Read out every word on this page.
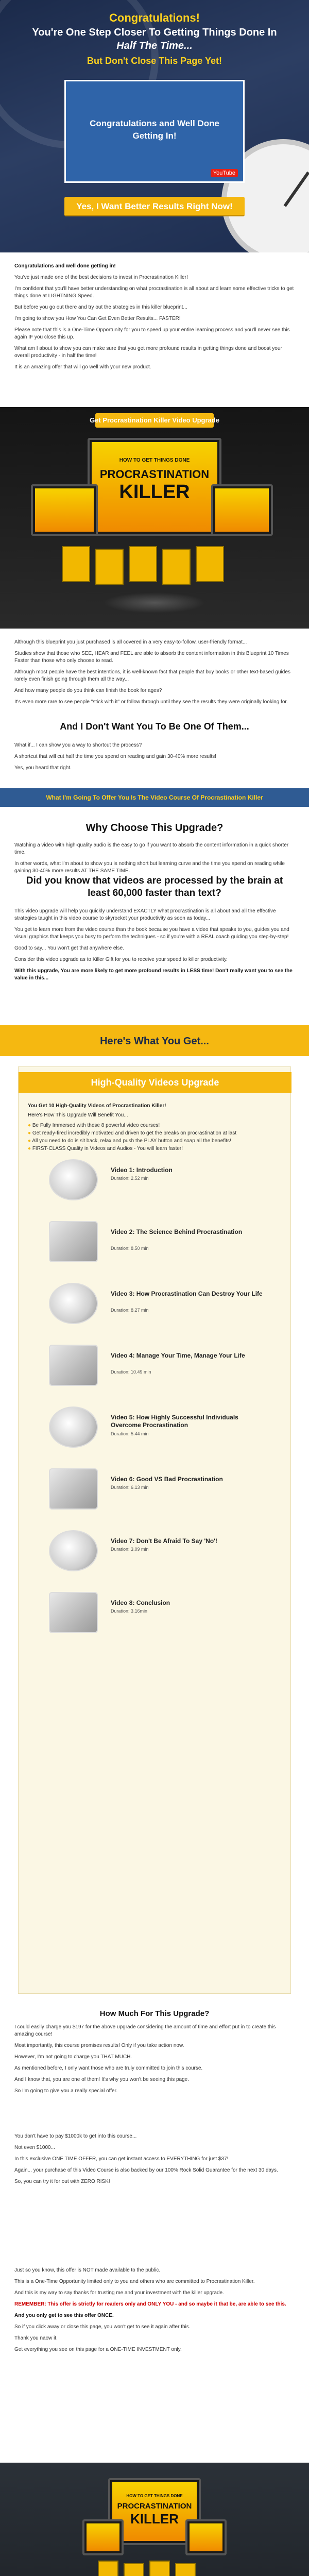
Congratulations!
You're One Step Closer To Getting Things Done In
Half The Time...
But Don't Close This Page Yet!
Congratulations and Well Done
Getting In!
YouTube
Yes, I Want Better Results Right Now!

Congratulations and well done getting in!

You've just made one of the best decisions to invest in Procrastination Killer!

I'm confident that you'll have better understanding on what procrastination is all about and learn some effective tricks to get things done at LIGHTNING Speed.

But before you go out there and try out the strategies in this killer blueprint...

I'm going to show you How You Can Get Even Better Results... FASTER!

Please note that this is a One-Time Opportunity for you to speed up your entire learning process and you'll never see this again IF you close this up.

What am I about to show you can make sure that you get more profound results in getting things done and boost your overall productivity - in half the time!

It is an amazing offer that will go well with your new product.

Get Procrastination Killer Video Upgrade
HOW TO GET THINGS DONE
PROCRASTINATION
KILLER

Although this blueprint you just purchased is all covered in a very easy-to-follow, user-friendly format...

Studies show that those who SEE, HEAR and FEEL are able to absorb the content information in this Blueprint 10 Times Faster than those who only choose to read.

Although most people have the best intentions, it is well-known fact that people that buy books or other text-based guides rarely even finish going through them all the way...

And how many people do you think can finish the book for ages?

It's even more rare to see people "stick with it" or follow through until they see the results they were originally looking for.

And I Don't Want You To Be One Of Them...

What if... I can show you a way to shortcut the process?

A shortcut that will cut half the time you spend on reading and gain 30-40% more results!

Yes, you heard that right.

What I'm Going To Offer You Is The Video Course Of Procrastination Killer
Why Choose This Upgrade?

Watching a video with high-quality audio is the easy to go if you want to absorb the content information in a quick shorter time.

In other words, what I'm about to show you is nothing short but learning curve and the time you spend on reading while gaining 30-40% more results AT THE SAME TIME.

Did you know that videos are processed by the brain at least 60,000 faster than text?

This video upgrade will help you quickly understand EXACTLY what procrastination is all about and all the effective strategies taught in this video course to skyrocket your productivity as soon as today...

You get to learn more from the video course than the book because you have a video that speaks to you, guides you and visual graphics that keeps you busy to perform the techniques - so if you're with a REAL coach guiding you step-by-step!

Good to say... You won't get that anywhere else.

Consider this video upgrade as to Killer Gift for you to receive your speed to killer productivity.

With this upgrade, You are more likely to get more profound results in LESS time! Don't really want you to see the value in this...

Here's What You Get...
High-Quality Videos Upgrade
You Get 10 High-Quality Videos of Procrastination Killer!
Here's How This Upgrade Will Benefit You...
● Be Fully Immersed with these 8 powerful video courses!
● Get ready-fired incredibly motivated and driven to get the breaks on procrastination at last
● All you need to do is sit back, relax and push the PLAY button and soap all the benefits!
● FIRST-CLASS Quality in Videos and Audios - You will learn faster!
Video 1: Introduction
Duration: 2.52 min
Video 2: The Science Behind Procrastination
Duration: 8.50 min
Video 3: How Procrastination Can Destroy Your Life
Duration: 8.27 min
Video 4: Manage Your Time, Manage Your Life
Duration: 10.49 min
Video 5: How Highly Successful Individuals Overcome Procrastination
Duration: 5.44 min
Video 6: Good VS Bad Procrastination
Duration: 6.13 min
Video 7: Don't Be Afraid To Say 'No'!
Duration: 3.09 min
Video 8: Conclusion
Duration: 3.16min
How Much For This Upgrade?

I could easily charge you $197 for the above upgrade considering the amount of time and effort put in to create this amazing course!

Most importantly, this course promises results! Only if you take action now.

However, I'm not going to charge you THAT MUCH.

As mentioned before, I only want those who are truly committed to join this course.

And I know that, you are one of them! It's why you won't be seeing this page.

So I'm going to give you a really special offer.

You don't have to pay $1000k to get into this course...

Not even $1000...

In this exclusive ONE TIME OFFER, you can get instant access to EVERYTHING for just $37!

Again... your purchase of this Video Course is also backed by our 100% Rock Solid Guarantee for the next 30 days.

So, you can try it for out with ZERO RISK!

Just so you know, this offer is NOT made available to the public.

This is a One-Time Opportunity limited only to you and others who are committed to Procrastination Killer.

And this is my way to say thanks for trusting me and your investment with the killer upgrade.

REMEMBER: This offer is strictly for readers only and ONLY YOU - and so maybe it that be, are able to see this.

And you only get to see this offer ONCE.

So if you click away or close this page, you won't get to see it again after this.

Thank you naow it.

Get everything you see on this page for a ONE-TIME INVESTMENT only.

HOW TO GET THINGS DONE
PROCRASTINATION
KILLER
